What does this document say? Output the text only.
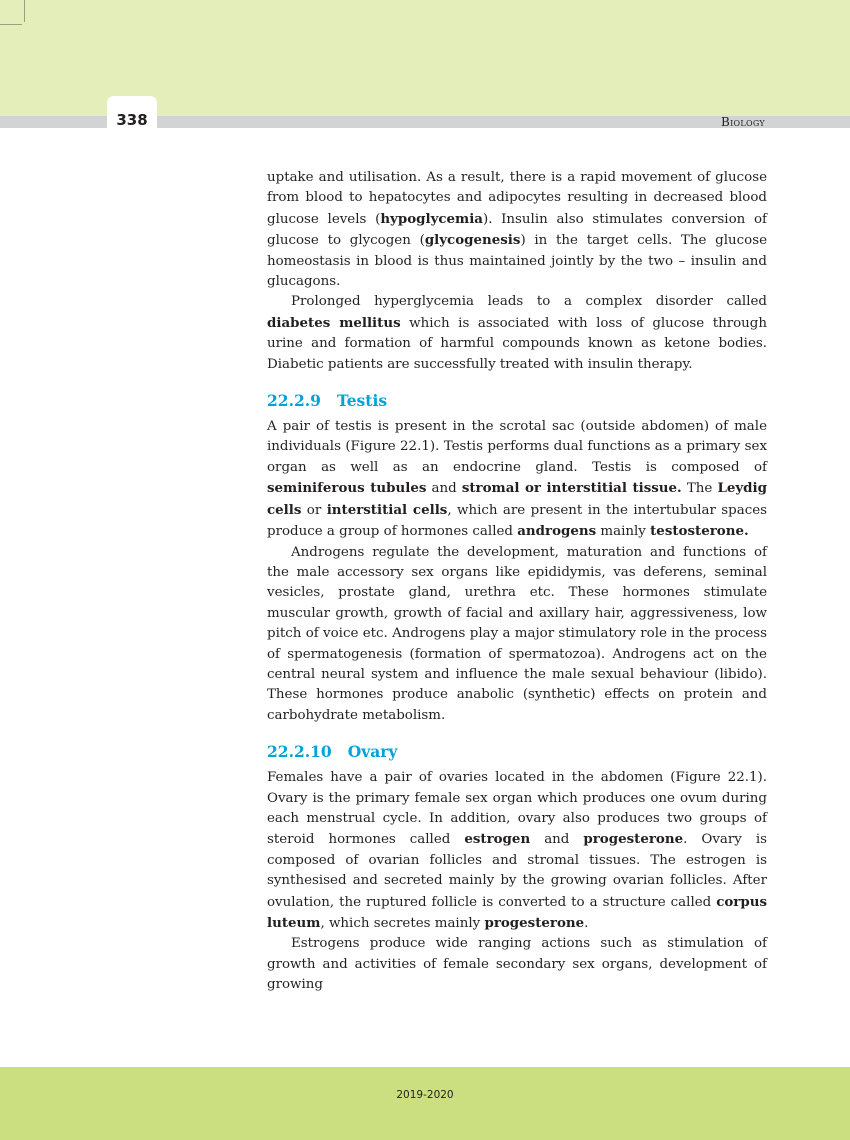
338	Biology

uptake and utilisation. As a result, there is a rapid movement of glucose from blood to hepatocytes and adipocytes resulting in decreased blood glucose levels (hypoglycemia). Insulin also stimulates conversion of glucose to glycogen (glycogenesis) in the target cells. The glucose homeostasis in blood is thus maintained jointly by the two – insulin and glucagons.

Prolonged hyperglycemia leads to a complex disorder called diabetes mellitus which is associated with loss of glucose through urine and formation of harmful compounds known as ketone bodies. Diabetic patients are successfully treated with insulin therapy.

22.2.9 Testis

A pair of testis is present in the scrotal sac (outside abdomen) of male individuals (Figure 22.1). Testis performs dual functions as a primary sex organ as well as an endocrine gland. Testis is composed of seminiferous tubules and stromal or interstitial tissue. The Leydig cells or interstitial cells, which are present in the intertubular spaces produce a group of hormones called androgens mainly testosterone.

Androgens regulate the development, maturation and functions of the male accessory sex organs like epididymis, vas deferens, seminal vesicles, prostate gland, urethra etc. These hormones stimulate muscular growth, growth of facial and axillary hair, aggressiveness, low pitch of voice etc. Androgens play a major stimulatory role in the process of spermatogenesis (formation of spermatozoa). Androgens act on the central neural system and influence the male sexual behaviour (libido). These hormones produce anabolic (synthetic) effects on protein and carbohydrate metabolism.

22.2.10 Ovary

Females have a pair of ovaries located in the abdomen (Figure 22.1). Ovary is the primary female sex organ which produces one ovum during each menstrual cycle. In addition, ovary also produces two groups of steroid hormones called estrogen and progesterone. Ovary is composed of ovarian follicles and stromal tissues. The estrogen is synthesised and secreted mainly by the growing ovarian follicles. After ovulation, the ruptured follicle is converted to a structure called corpus luteum, which secretes mainly progesterone.

Estrogens produce wide ranging actions such as stimulation of growth and activities of female secondary sex organs, development of growing

2019-2020
